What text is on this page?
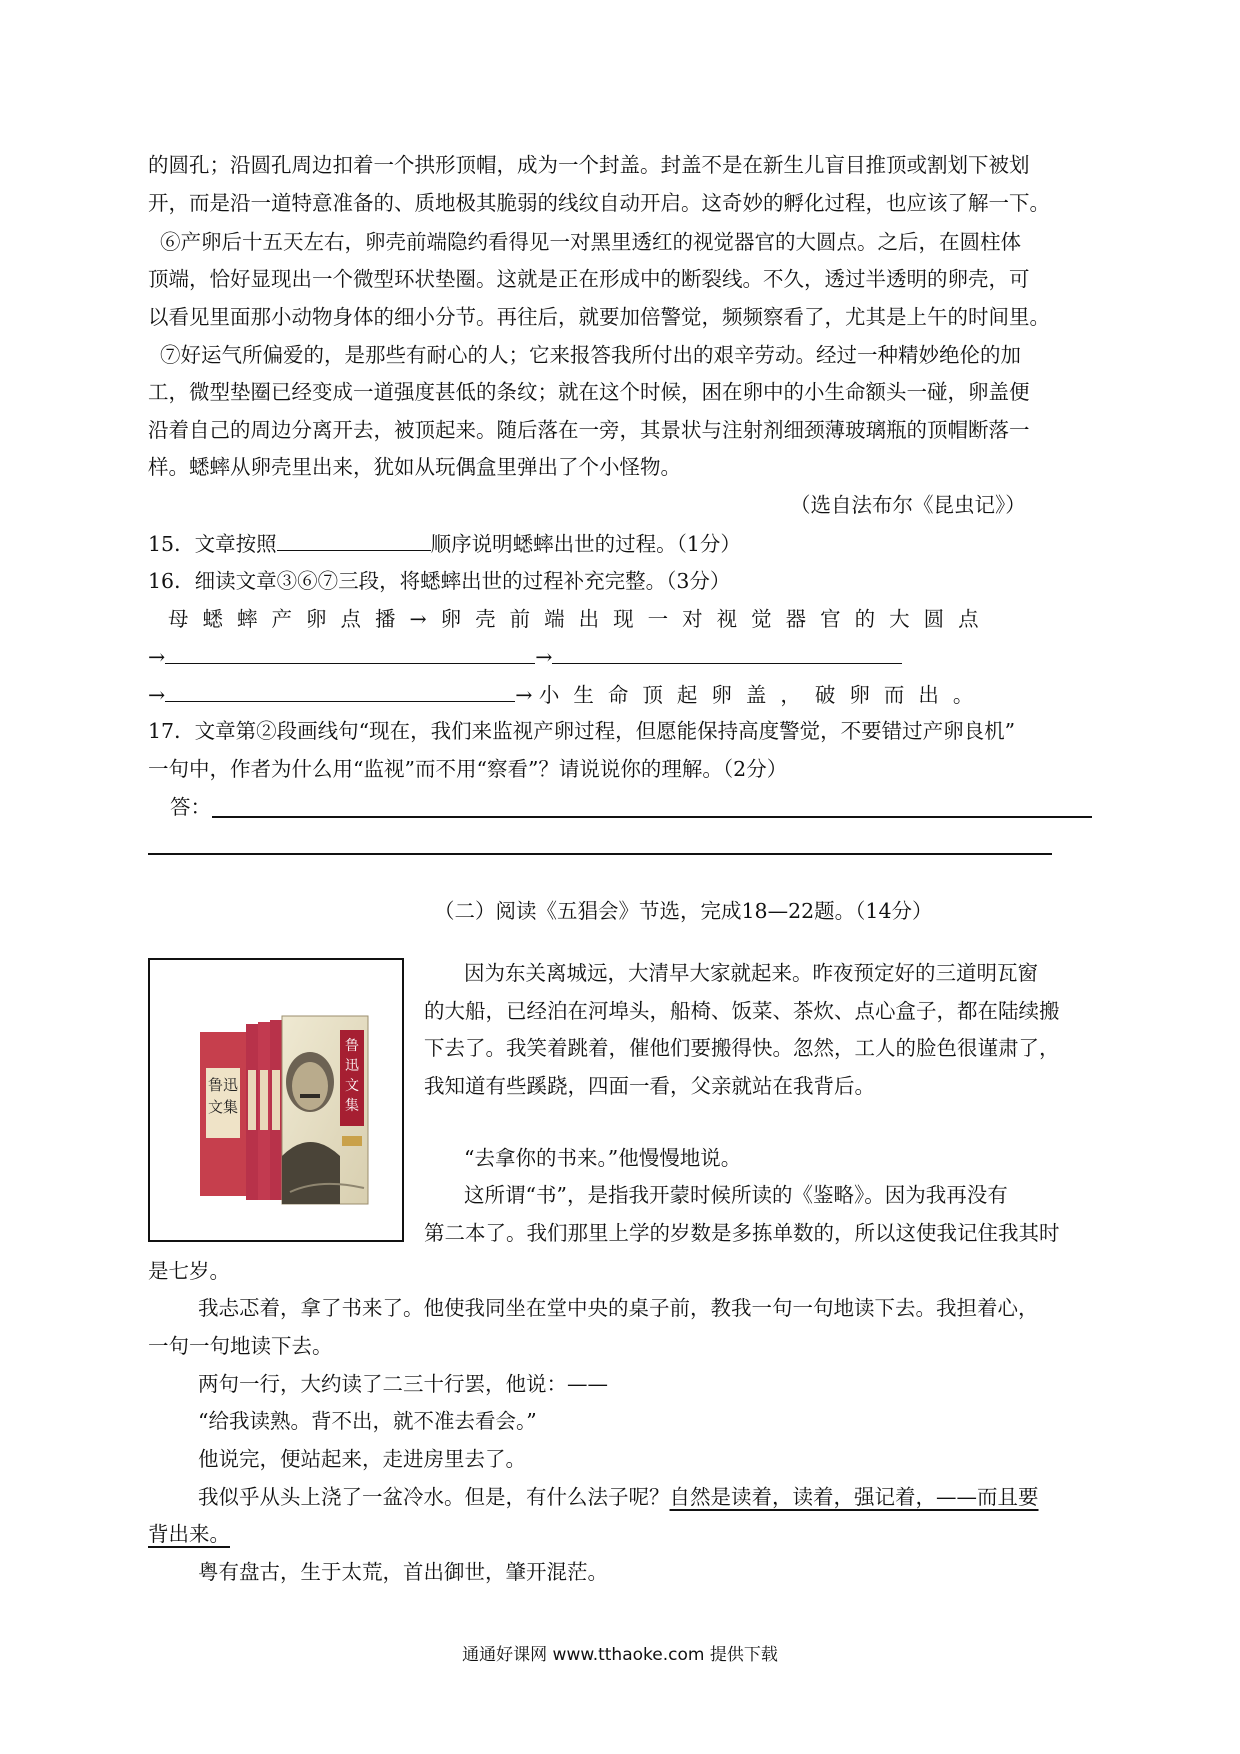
的圆孔；沿圆孔周边扣着一个拱形顶帽，成为一个封盖。封盖不是在新生儿盲目推顶或割划下被划
开，而是沿一道特意准备的、质地极其脆弱的线纹自动开启。这奇妙的孵化过程，也应该了解一下。
⑥产卵后十五天左右，卵壳前端隐约看得见一对黑里透红的视觉器官的大圆点。之后，在圆柱体
顶端，恰好显现出一个微型环状垫圈。这就是正在形成中的断裂线。不久，透过半透明的卵壳，可
以看见里面那小动物身体的细小分节。再往后，就要加倍警觉，频频察看了，尤其是上午的时间里。
⑦好运气所偏爱的，是那些有耐心的人；它来报答我所付出的艰辛劳动。经过一种精妙绝伦的加
工，微型垫圈已经变成一道强度甚低的条纹；就在这个时候，困在卵中的小生命额头一碰，卵盖便
沿着自己的周边分离开去，被顶起来。随后落在一旁，其景状与注射剂细颈薄玻璃瓶的顶帽断落一
样。蟋蟀从卵壳里出来，犹如从玩偶盒里弹出了个小怪物。
（选自法布尔《昆虫记》）
15．文章按照	顺序说明蟋蟀出世的过程。（1分）
16．细读文章③⑥⑦三段，将蟋蟀出世的过程补充完整。（3分）
母蟋蟀产卵点播→卵壳前端出现一对视觉器官的大圆点
→	→
→	→ 小生命顶起卵盖，破卵而出。
17．文章第②段画线句“现在，我们来监视产卵过程，但愿能保持高度警觉，不要错过产卵良机”
一句中，作者为什么用“监视”而不用“察看”？请说说你的理解。（2分）
答：
（二）阅读《五猖会》节选，完成18—22题。（14分）
鲁迅
文集
鲁
迅
文
集
因为东关离城远，大清早大家就起来。昨夜预定好的三道明瓦窗
的大船，已经泊在河埠头，船椅、饭菜、茶炊、点心盒子，都在陆续搬
下去了。我笑着跳着，催他们要搬得快。忽然，工人的脸色很谨肃了，
我知道有些蹊跷，四面一看，父亲就站在我背后。
“去拿你的书来。”他慢慢地说。
这所谓“书”，是指我开蒙时候所读的《鉴略》。因为我再没有
第二本了。我们那里上学的岁数是多拣单数的，所以这使我记住我其时
是七岁。
我忐忑着，拿了书来了。他使我同坐在堂中央的桌子前，教我一句一句地读下去。我担着心，
一句一句地读下去。
两句一行，大约读了二三十行罢，他说：——
“给我读熟。背不出，就不准去看会。”
他说完，便站起来，走进房里去了。
我似乎从头上浇了一盆冷水。但是，有什么法子呢？自然是读着，读着，强记着，——而且要
背出来。
粤有盘古，生于太荒，首出御世，肇开混茫。
通通好课网 www.tthaoke.com 提供下载
